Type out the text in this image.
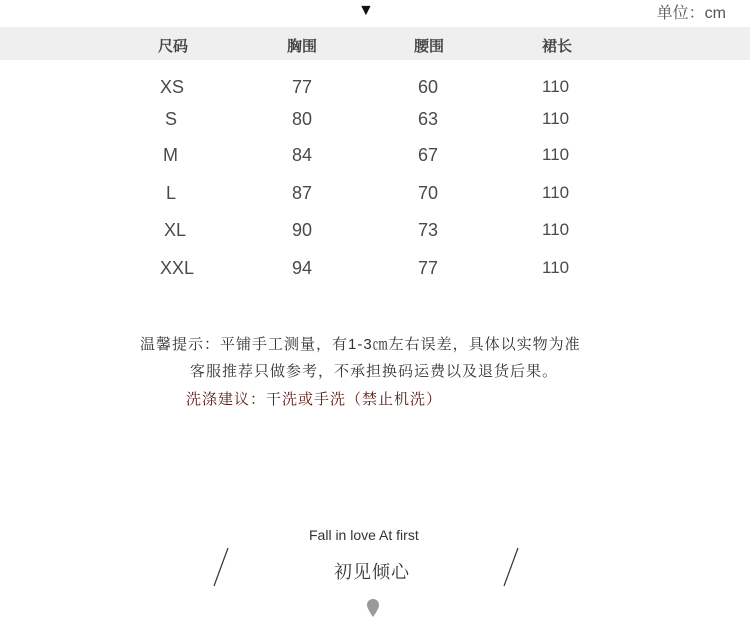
▼	单位：cm
尺码	胸围	腰围	裙长
XS	77	60	110
S	80	63	110
M	84	67	110
L	87	70	110
XL	90	73	110
XXL	94	77	110
温馨提示：平铺手工测量，有1-3㎝左右误差，具体以实物为准
客服推荐只做参考，不承担换码运费以及退货后果。
洗涤建议：干洗或手洗（禁止机洗）
Fall in love At first
初见倾心
